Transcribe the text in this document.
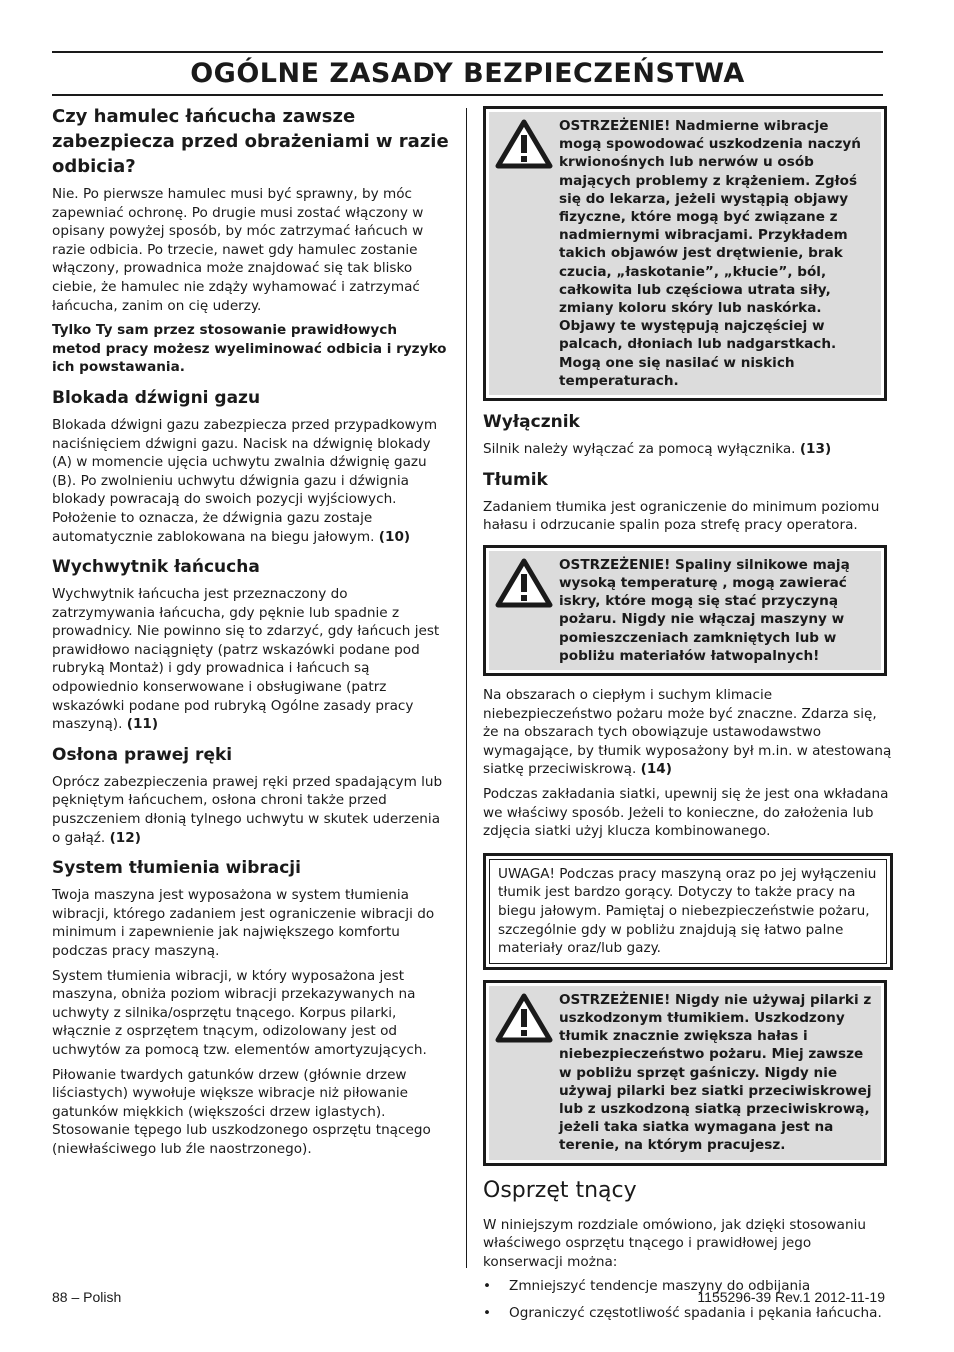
OGÓLNE ZASADY BEZPIECZEŃSTWA
Czy hamulec łańcucha zawsze zabezpiecza przed obrażeniami w razie odbicia?

Nie. Po pierwsze hamulec musi być sprawny, by móc zapewniać ochronę. Po drugie musi zostać włączony w opisany powyżej sposób, by móc zatrzymać łańcuch w razie odbicia. Po trzecie, nawet gdy hamulec zostanie włączony, prowadnica może znajdować się tak blisko ciebie, że hamulec nie zdąży wyhamować i zatrzymać łańcucha, zanim on cię uderzy.

Tylko Ty sam przez stosowanie prawidłowych metod pracy możesz wyeliminować odbicia i ryzyko ich powstawania.

Blokada dźwigni gazu

Blokada dźwigni gazu zabezpiecza przed przypadkowym naciśnięciem dźwigni gazu. Nacisk na dźwignię blokady (A) w momencie ujęcia uchwytu zwalnia dźwignię gazu (B). Po zwolnieniu uchwytu dźwignia gazu i dźwignia blokady powracają do swoich pozycji wyjściowych. Położenie to oznacza, że dźwignia gazu zostaje automatycznie zablokowana na biegu jałowym. (10)

Wychwytnik łańcucha

Wychwytnik łańcucha jest przeznaczony do zatrzymywania łańcucha, gdy pęknie lub spadnie z prowadnicy. Nie powinno się to zdarzyć, gdy łańcuch jest prawidłowo naciągnięty (patrz wskazówki podane pod rubryką Montaż) i gdy prowadnica i łańcuch są odpowiednio konserwowane i obsługiwane (patrz wskazówki podane pod rubryką Ogólne zasady pracy maszyną). (11)

Osłona prawej ręki

Oprócz zabezpieczenia prawej ręki przed spadającym lub pękniętym łańcuchem, osłona chroni także przed puszczeniem dłonią tylnego uchwytu w skutek uderzenia o gałąź. (12)

System tłumienia wibracji

Twoja maszyna jest wyposażona w system tłumienia wibracji, którego zadaniem jest ograniczenie wibracji do minimum i zapewnienie jak największego komfortu podczas pracy maszyną.

System tłumienia wibracji, w który wyposażona jest maszyna, obniża poziom wibracji przekazywanych na uchwyty z silnika/osprzętu tnącego. Korpus pilarki, włącznie z osprzętem tnącym, odizolowany jest od uchwytów za pomocą tzw. elementów amortyzujących.

Piłowanie twardych gatunków drzew (głównie drzew liściastych) wywołuje większe wibracje niż piłowanie gatunków miękkich (większości drzew iglastych). Stosowanie tępego lub uszkodzonego osprzętu tnącego (niewłaściwego lub źle naostrzonego).

OSTRZEŻENIE! Nadmierne wibracje mogą spowodować uszkodzenia naczyń krwionośnych lub nerwów u osób mających problemy z krążeniem. Zgłoś się do lekarza, jeżeli wystąpią objawy fizyczne, które mogą być związane z nadmiernymi wibracjami. Przykładem takich objawów jest drętwienie, brak czucia, „łaskotanie”, „kłucie”, ból, całkowita lub częściowa utrata siły, zmiany koloru skóry lub naskórka. Objawy te występują najczęściej w palcach, dłoniach lub nadgarstkach. Mogą one się nasilać w niskich temperaturach.
Wyłącznik

Silnik należy wyłączać za pomocą wyłącznika. (13)

Tłumik

Zadaniem tłumika jest ograniczenie do minimum poziomu hałasu i odrzucanie spalin poza strefę pracy operatora.

OSTRZEŻENIE! Spaliny silnikowe mają wysoką temperaturę , mogą zawierać iskry, które mogą się stać przyczyną pożaru. Nigdy nie włączaj maszyny w pomieszczeniach zamkniętych lub w pobliżu materiałów łatwopalnych!

Na obszarach o ciepłym i suchym klimacie niebezpieczeństwo pożaru może być znaczne. Zdarza się, że na obszarach tych obowiązuje ustawodawstwo wymagające, by tłumik wyposażony był m.in. w atestowaną siatkę przeciwiskrową. (14)

Podczas zakładania siatki, upewnij się że jest ona wkładana we właściwy sposób. Jeżeli to konieczne, do założenia lub zdjęcia siatki użyj klucza kombinowanego.

UWAGA! Podczas pracy maszyną oraz po jej wyłączeniu tłumik jest bardzo gorący. Dotyczy to także pracy na biegu jałowym. Pamiętaj o niebezpieczeństwie pożaru, szczególnie gdy w pobliżu znajdują się łatwo palne materiały oraz/lub gazy.
OSTRZEŻENIE! Nigdy nie używaj pilarki z uszkodzonym tłumikiem. Uszkodzony tłumik znacznie zwiększa hałas i niebezpieczeństwo pożaru. Miej zawsze w pobliżu sprzęt gaśniczy. Nigdy nie używaj pilarki bez siatki przeciwiskrowej lub z uszkodzoną siatką przeciwiskrową, jeżeli taka siatka wymagana jest na terenie, na którym pracujesz.
Osprzęt tnący

W niniejszym rozdziale omówiono, jak dzięki stosowaniu właściwego osprzętu tnącego i prawidłowej jego konserwacji można:

•	Zmniejszyć tendencje maszyny do odbijania
•	Ograniczyć częstotliwość spadania i pękania łańcucha.
88 – Polish	1155296-39 Rev.1 2012-11-19
